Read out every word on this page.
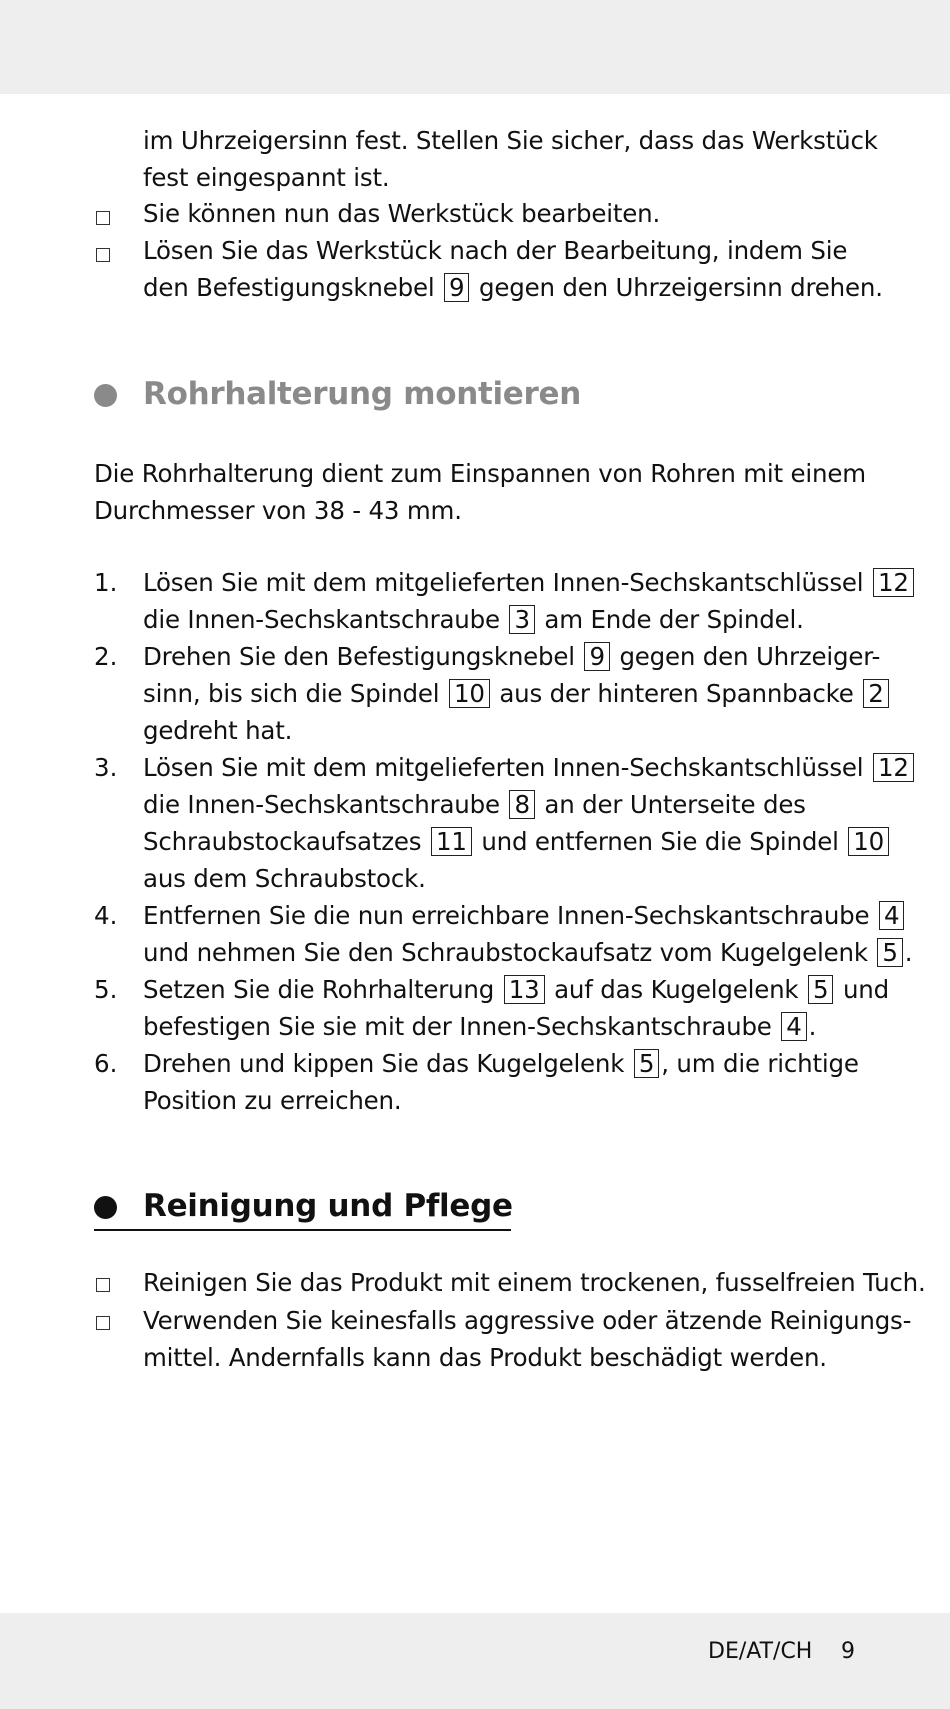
im Uhrzeigersinn fest. Stellen Sie sicher, dass das Werkstück
fest eingespannt ist.
Sie können nun das Werkstück bearbeiten.
Lösen Sie das Werkstück nach der Bearbeitung, indem Sie
den Befestigungsknebel 9 gegen den Uhrzeigersinn drehen.
Rohrhalterung montieren
Die Rohrhalterung dient zum Einspannen von Rohren mit einem
Durchmesser von 38 - 43 mm.
1.	Lösen Sie mit dem mitgelieferten Innen-Sechskantschlüssel 12
die Innen-Sechskantschraube 3 am Ende der Spindel.
2.	Drehen Sie den Befestigungsknebel 9 gegen den Uhrzeiger-
sinn, bis sich die Spindel 10 aus der hinteren Spannbacke 2
gedreht hat.
3.	Lösen Sie mit dem mitgelieferten Innen-Sechskantschlüssel 12
die Innen-Sechskantschraube 8 an der Unterseite des
Schraubstockaufsatzes 11 und entfernen Sie die Spindel 10
aus dem Schraubstock.
4.	Entfernen Sie die nun erreichbare Innen-Sechskantschraube 4
und nehmen Sie den Schraubstockaufsatz vom Kugelgelenk 5 .
5.	Setzen Sie die Rohrhalterung 13 auf das Kugelgelenk 5 und
befestigen Sie sie mit der Innen-Sechskantschraube 4 .
6.	Drehen und kippen Sie das Kugelgelenk 5 , um die richtige
Position zu erreichen.
Reinigung und Pflege
Reinigen Sie das Produkt mit einem trockenen, fusselfreien Tuch.
Verwenden Sie keinesfalls aggressive oder ätzende Reinigungs-
mittel. Andernfalls kann das Produkt beschädigt werden.
DE/AT/CH 9
